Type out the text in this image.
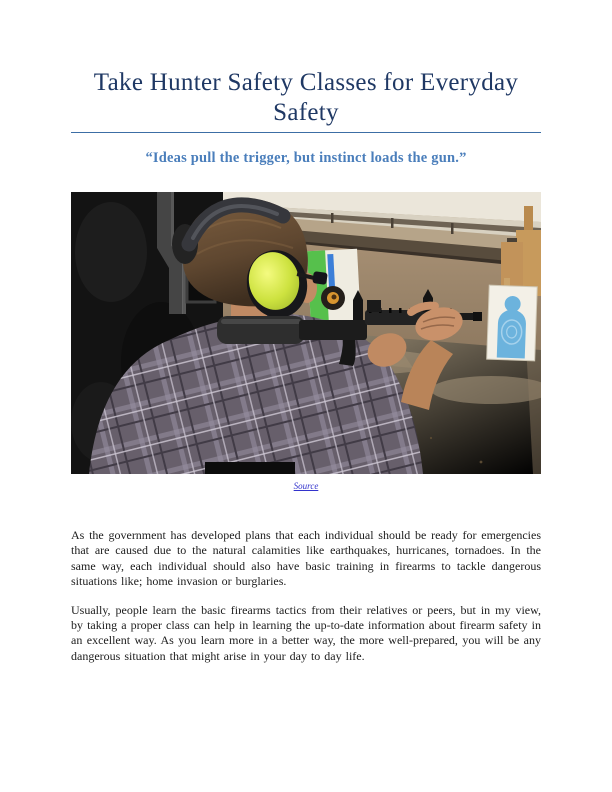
Take Hunter Safety Classes for Everyday
Safety
“Ideas pull the trigger, but instinct loads the gun.”
Source

As the government has developed plans that each individual should be ready for emergencies that are caused due to the natural calamities like earthquakes, hurricanes, tornadoes. In the same way, each individual should also have basic training in firearms to tackle dangerous situations like; home invasion or burglaries.

Usually, people learn the basic firearms tactics from their relatives or peers, but in my view, by taking a proper class can help in learning the up-to-date information about firearm safety in an excellent way. As you learn more in a better way, the more well-prepared, you will be any dangerous situation that might arise in your day to day life.
